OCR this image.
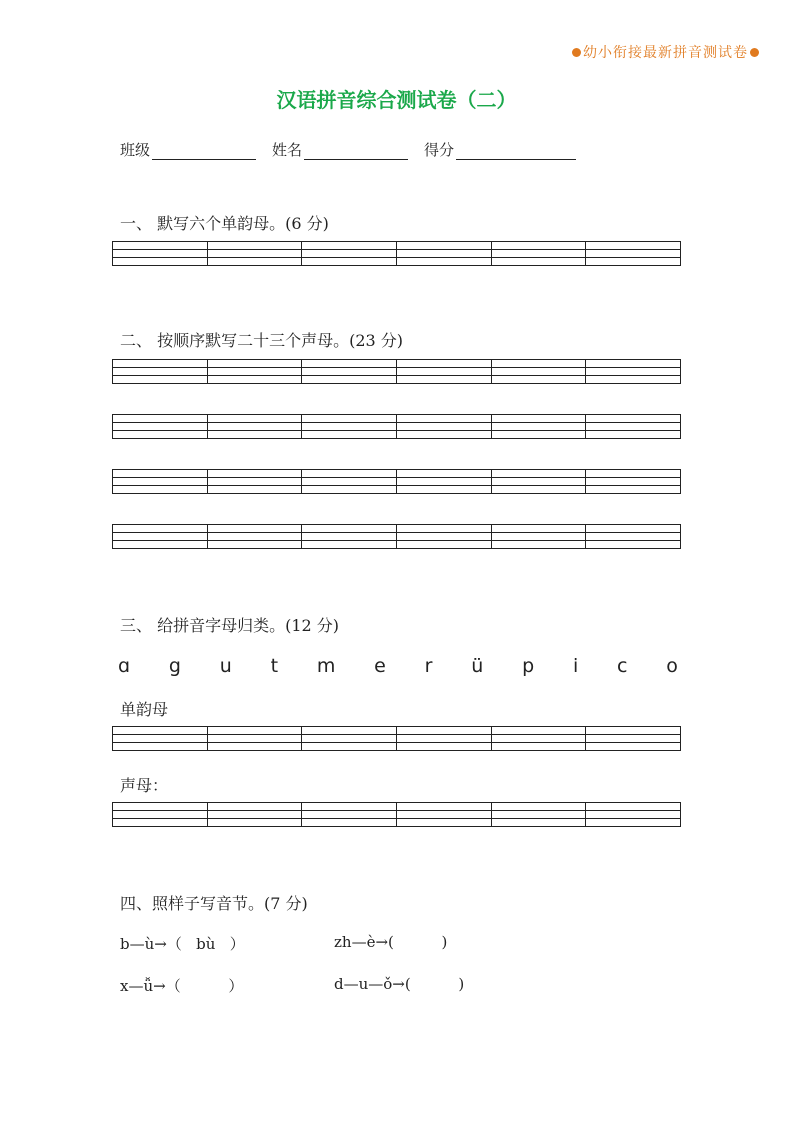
幼小衔接最新拼音测试卷
汉语拼音综合测试卷（二）
班级	姓名	得分
一、 默写六个单韵母。(6 分)

二、 按顺序默写二十三个声母。(23 分)

三、 给拼音字母归类。(12 分)
ɑ g u t m e r ü p i c o
单韵母

声母：

四、照样子写音节。(7 分)
b—ù→（   bù   ）	zh—è→(          )
x—ǚ→（          ）	d—u—ǒ→(          )
